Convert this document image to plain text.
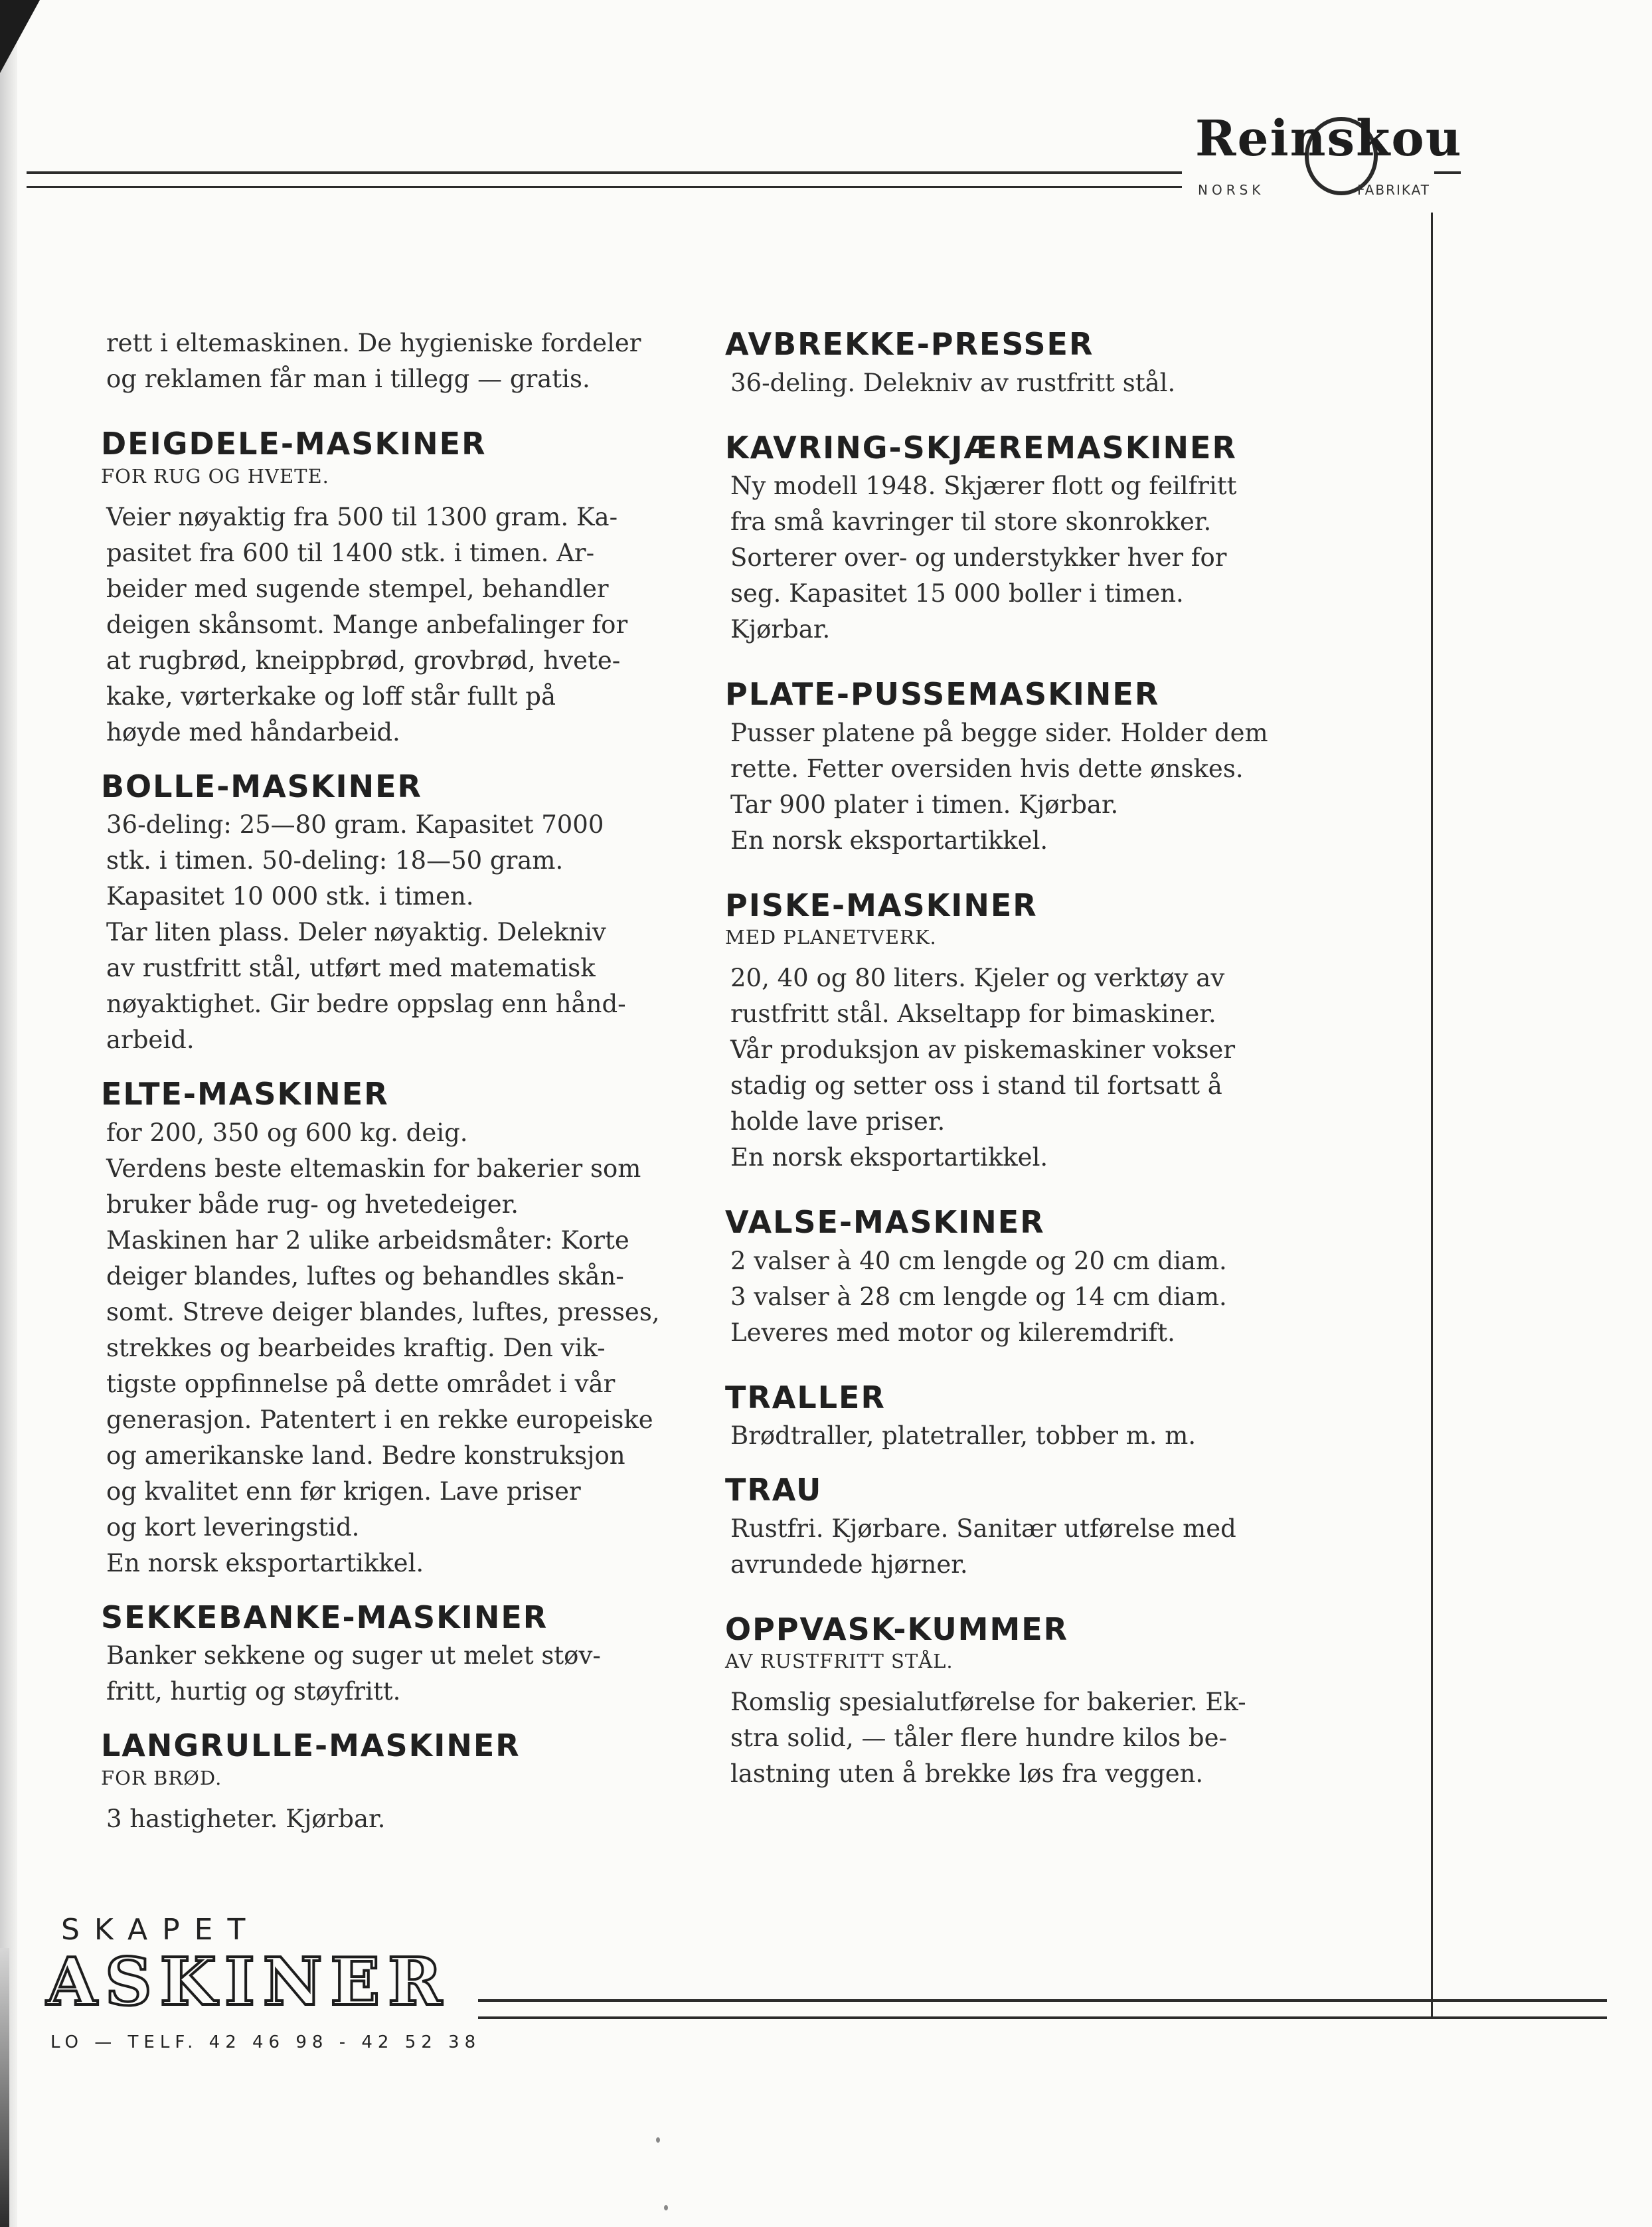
Reinskou
NORSK	FABRIKAT
rett i eltemaskinen. De hygieniske fordeler
og reklamen får man i tillegg — gratis.
DEIGDELE-MASKINER
FOR RUG OG HVETE.
Veier nøyaktig fra 500 til 1300 gram. Ka-
pasitet fra 600 til 1400 stk. i timen. Ar-
beider med sugende stempel, behandler
deigen skånsomt. Mange anbefalinger for
at rugbrød, kneippbrød, grovbrød, hvete-
kake, vørterkake og loff står fullt på
høyde med håndarbeid.
BOLLE-MASKINER
36-deling: 25—80 gram. Kapasitet 7000
stk. i timen. 50-deling: 18—50 gram.
Kapasitet 10 000 stk. i timen.
Tar liten plass. Deler nøyaktig. Delekniv
av rustfritt stål, utført med matematisk
nøyaktighet. Gir bedre oppslag enn hånd-
arbeid.
ELTE-MASKINER
for 200, 350 og 600 kg. deig.
Verdens beste eltemaskin for bakerier som
bruker både rug- og hvetedeiger.
Maskinen har 2 ulike arbeidsmåter: Korte
deiger blandes, luftes og behandles skån-
somt. Streve deiger blandes, luftes, presses,
strekkes og bearbeides kraftig. Den vik-
tigste oppfinnelse på dette området i vår
generasjon. Patentert i en rekke europeiske
og amerikanske land. Bedre konstruksjon
og kvalitet enn før krigen. Lave priser
og kort leveringstid.
En norsk eksportartikkel.
SEKKEBANKE-MASKINER
Banker sekkene og suger ut melet støv-
fritt, hurtig og støyfritt.
LANGRULLE-MASKINER
FOR BRØD.
3 hastigheter. Kjørbar.
AVBREKKE-PRESSER
36-deling. Delekniv av rustfritt stål.
KAVRING-SKJÆREMASKINER
Ny modell 1948. Skjærer flott og feilfritt
fra små kavringer til store skonrokker.
Sorterer over- og understykker hver for
seg. Kapasitet 15 000 boller i timen.
Kjørbar.
PLATE-PUSSEMASKINER
Pusser platene på begge sider. Holder dem
rette. Fetter oversiden hvis dette ønskes.
Tar 900 plater i timen. Kjørbar.
En norsk eksportartikkel.
PISKE-MASKINER
MED PLANETVERK.
20, 40 og 80 liters. Kjeler og verktøy av
rustfritt stål. Akseltapp for bimaskiner.
Vår produksjon av piskemaskiner vokser
stadig og setter oss i stand til fortsatt å
holde lave priser.
En norsk eksportartikkel.
VALSE-MASKINER
2 valser à 40 cm lengde og 20 cm diam.
3 valser à 28 cm lengde og 14 cm diam.
Leveres med motor og kileremdrift.
TRALLER
Brødtraller, platetraller, tobber m. m.
TRAU
Rustfri. Kjørbare. Sanitær utførelse med
avrundede hjørner.
OPPVASK-KUMMER
AV RUSTFRITT STÅL.
Romslig spesialutførelse for bakerier. Ek-
stra solid, — tåler flere hundre kilos be-
lastning uten å brekke løs fra veggen.
SKAPET
ASKINER
LO — TELF. 42 46 98 - 42 52 38
